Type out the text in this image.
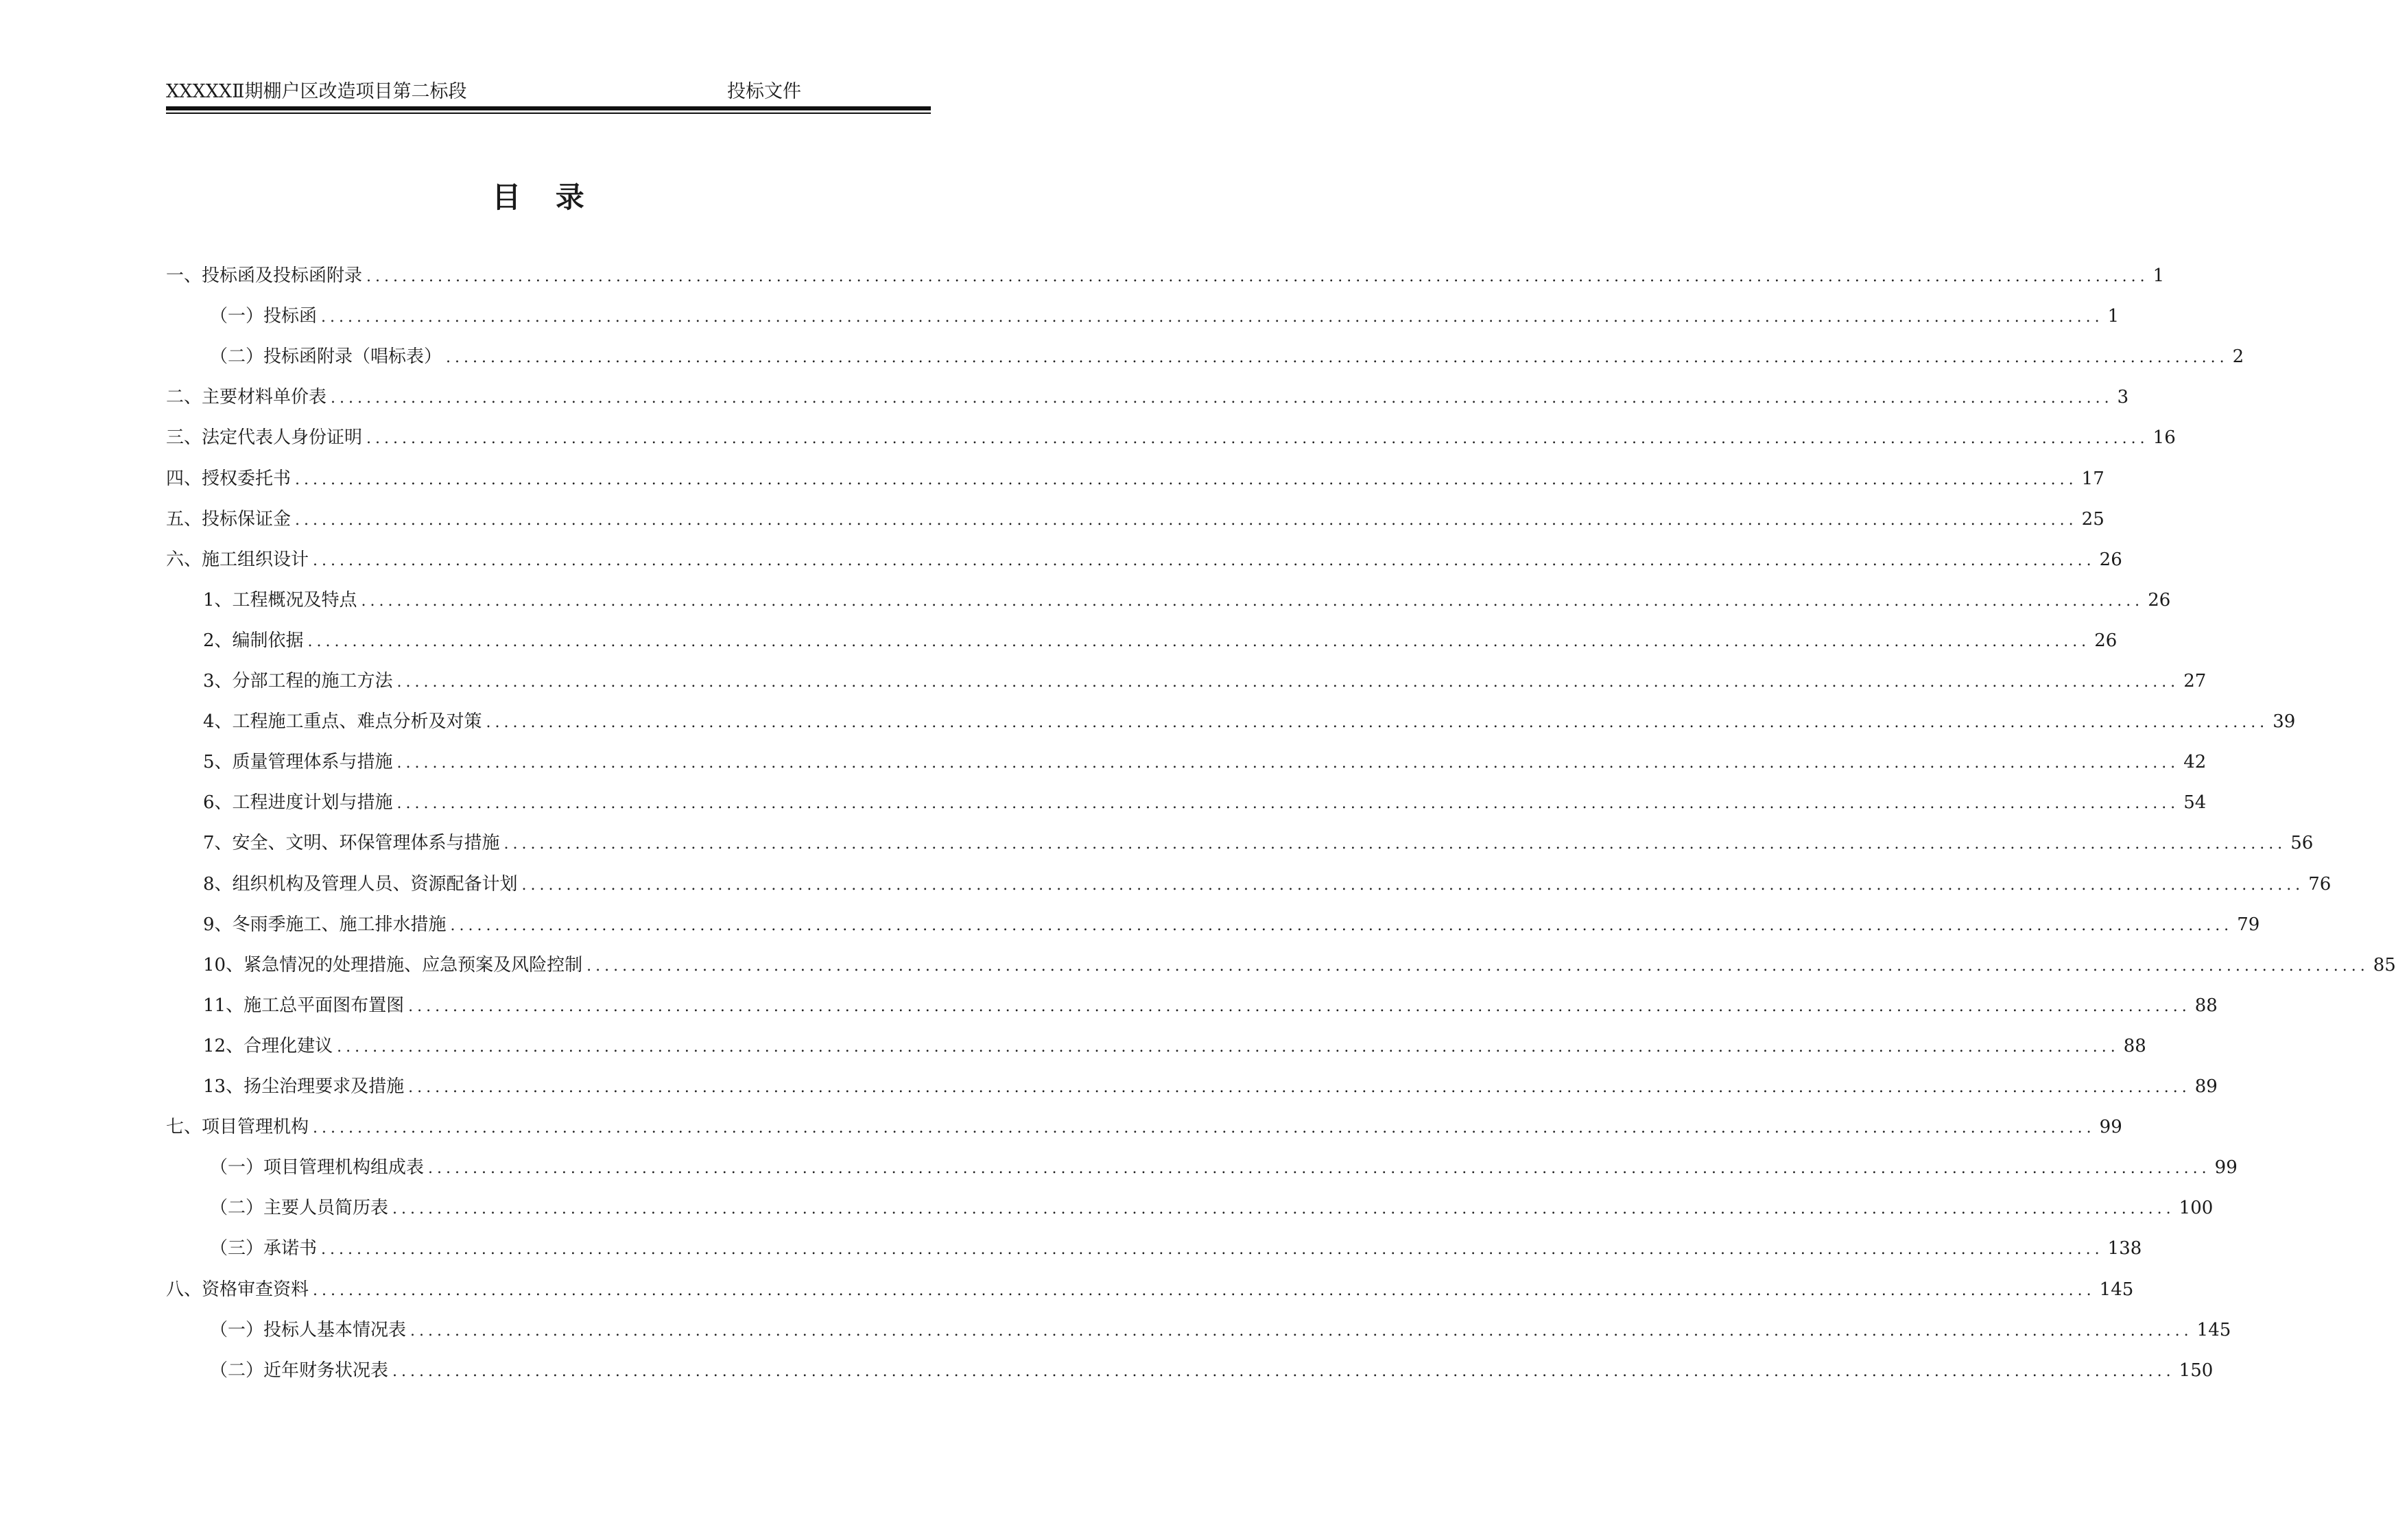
XXXXXⅡ期棚户区改造项目第二标段	投标文件
目 录
一、投标函及投标函附录 ........................................................................................................................................................................................................ 1
（一）投标函 ........................................................................................................................................................................................................ 1
（二）投标函附录（唱标表） ........................................................................................................................................................................................................ 2
二、主要材料单价表 ........................................................................................................................................................................................................ 3
三、法定代表人身份证明 ........................................................................................................................................................................................................ 16
四、授权委托书 ........................................................................................................................................................................................................ 17
五、投标保证金 ........................................................................................................................................................................................................ 25
六、施工组织设计 ........................................................................................................................................................................................................ 26
1、工程概况及特点 ........................................................................................................................................................................................................ 26
2、编制依据 ........................................................................................................................................................................................................ 26
3、分部工程的施工方法 ........................................................................................................................................................................................................ 27
4、工程施工重点、难点分析及对策 ........................................................................................................................................................................................................ 39
5、质量管理体系与措施 ........................................................................................................................................................................................................ 42
6、工程进度计划与措施 ........................................................................................................................................................................................................ 54
7、安全、文明、环保管理体系与措施 ........................................................................................................................................................................................................ 56
8、组织机构及管理人员、资源配备计划 ........................................................................................................................................................................................................ 76
9、冬雨季施工、施工排水措施 ........................................................................................................................................................................................................ 79
10、紧急情况的处理措施、应急预案及风险控制 ........................................................................................................................................................................................................ 85
11、施工总平面图布置图 ........................................................................................................................................................................................................ 88
12、合理化建议 ........................................................................................................................................................................................................ 88
13、扬尘治理要求及措施 ........................................................................................................................................................................................................ 89
七、项目管理机构 ........................................................................................................................................................................................................ 99
（一）项目管理机构组成表 ........................................................................................................................................................................................................ 99
（二）主要人员简历表 ........................................................................................................................................................................................................ 100
（三）承诺书 ........................................................................................................................................................................................................ 138
八、资格审查资料 ........................................................................................................................................................................................................ 145
（一）投标人基本情况表 ........................................................................................................................................................................................................ 145
（二）近年财务状况表 ........................................................................................................................................................................................................ 150
